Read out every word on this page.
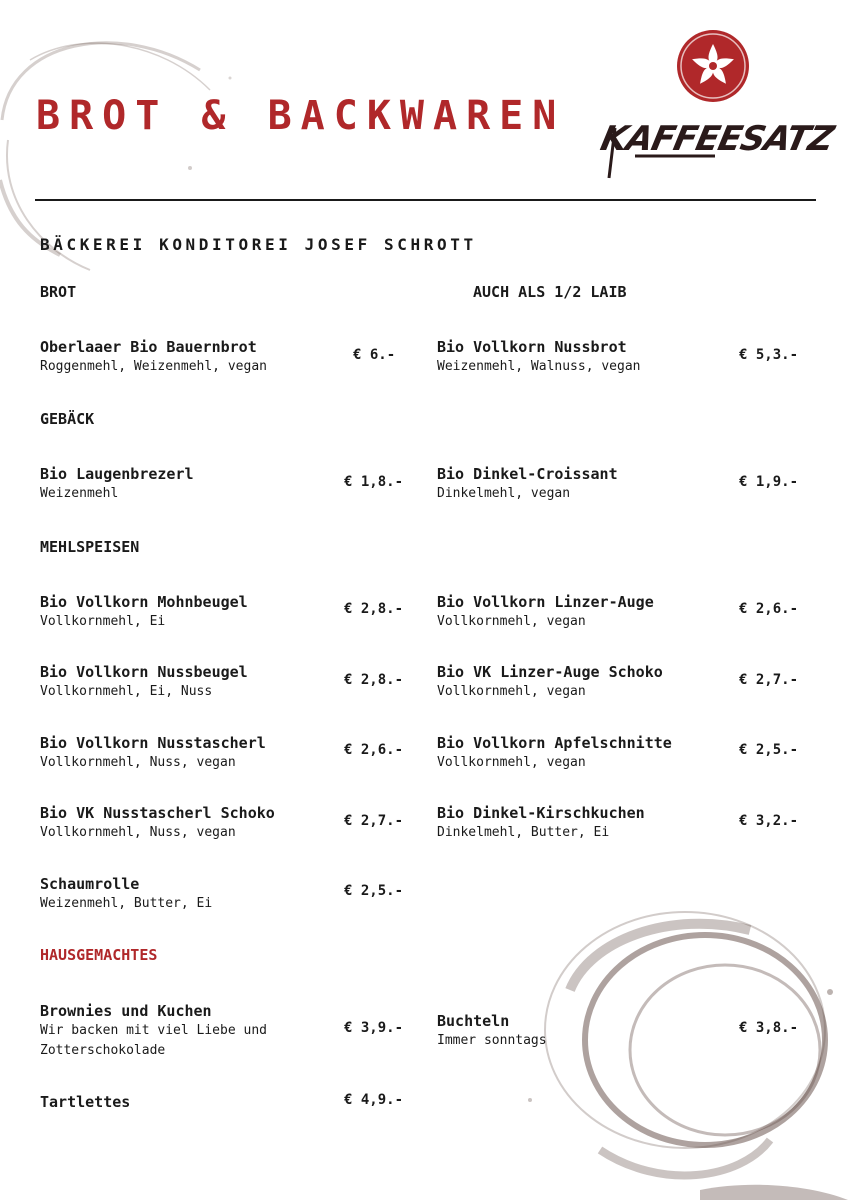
BROT & BACKWAREN
KAFFEESATZ
BÄCKEREI KONDITOREI JOSEF SCHROTT
BROT	AUCH ALS 1/2 LAIB
GEBÄCK
MEHLSPEISEN
HAUSGEMACHTES
Oberlaaer Bio Bauernbrot
Roggenmehl, Weizenmehl, vegan
€ 6.-	Bio Vollkorn Nussbrot
Weizenmehl, Walnuss, vegan
€ 5,3.-
Bio Laugenbrezerl
Weizenmehl
€ 1,8.- Bio Dinkel-Croissant
Dinkelmehl, vegan
€ 1,9.-
Bio Vollkorn Mohnbeugel
Vollkornmehl, Ei
€ 2,8.- Bio Vollkorn Linzer-Auge
Vollkornmehl, vegan
€ 2,6.-
Bio Vollkorn Nussbeugel
Vollkornmehl, Ei, Nuss
€ 2,8.- Bio VK Linzer-Auge Schoko
Vollkornmehl, vegan
€ 2,7.-
Bio Vollkorn Nusstascherl
Vollkornmehl, Nuss, vegan
€ 2,6.- Bio Vollkorn Apfelschnitte
Vollkornmehl, vegan
€ 2,5.-
Bio VK Nusstascherl Schoko
Vollkornmehl, Nuss, vegan
€ 2,7.- Bio Dinkel-Kirschkuchen
Dinkelmehl, Butter, Ei
€ 3,2.-
Schaumrolle
Weizenmehl, Butter, Ei
€ 2,5.-
Brownies und Kuchen
Wir backen mit viel Liebe und Zotterschokolade
€ 3,9.- Buchteln
Immer sonntags
€ 3,8.-
Tartlettes	€ 4,9.-
